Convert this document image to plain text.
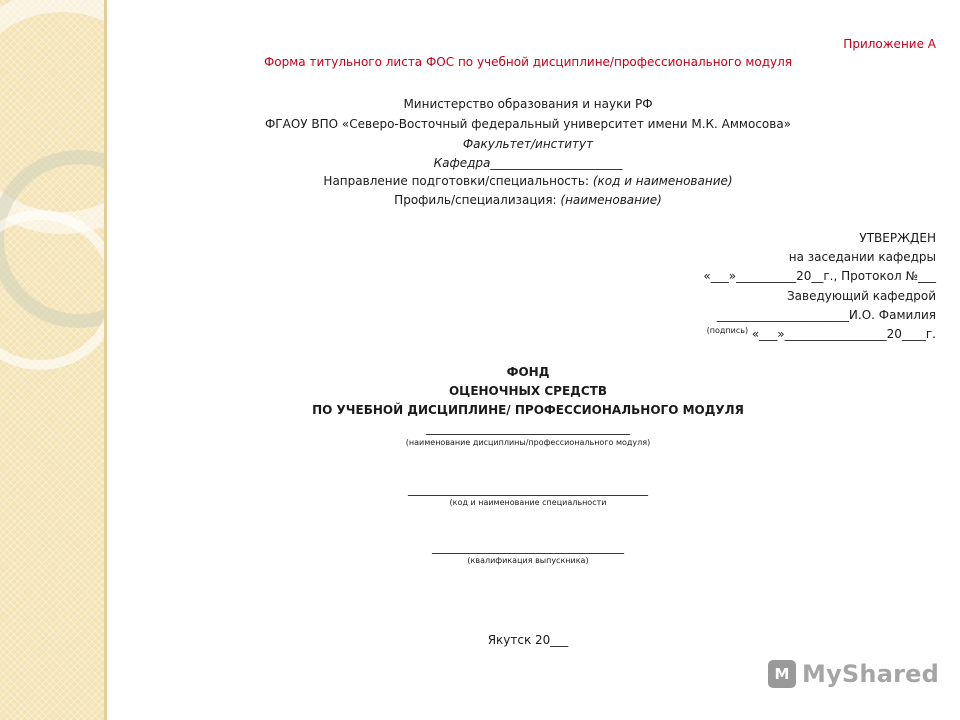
Приложение А
Форма титульного листа ФОС по учебной дисциплине/профессионального модуля
Министерство образования и науки РФ
ФГАОУ ВПО «Северо-Восточный федеральный университет имени М.К. Аммосова»
Факультет/институт
Кафедра______________________
Направление подготовки/специальность: (код и наименование)
Профиль/специализация: (наименование)
УТВЕРЖДЕН
на заседании кафедры
«___»__________20__г., Протокол №___
Заведующий кафедрой
______________________И.О. Фамилия
$^{(подпись)}$ «___»_________________20____г.
ФОНД
ОЦЕНОЧНЫХ СРЕДСТВ
ПО УЧЕБНОЙ ДИСЦИПЛИНЕ/ ПРОФЕССИОНАЛЬНОГО МОДУЛЯ
__________________________________
(наименование дисциплины/профессионального модуля)
________________________________________
(код и наименование специальности
________________________________
(квалификация выпускника)
Якутск 20___
M MyShared
